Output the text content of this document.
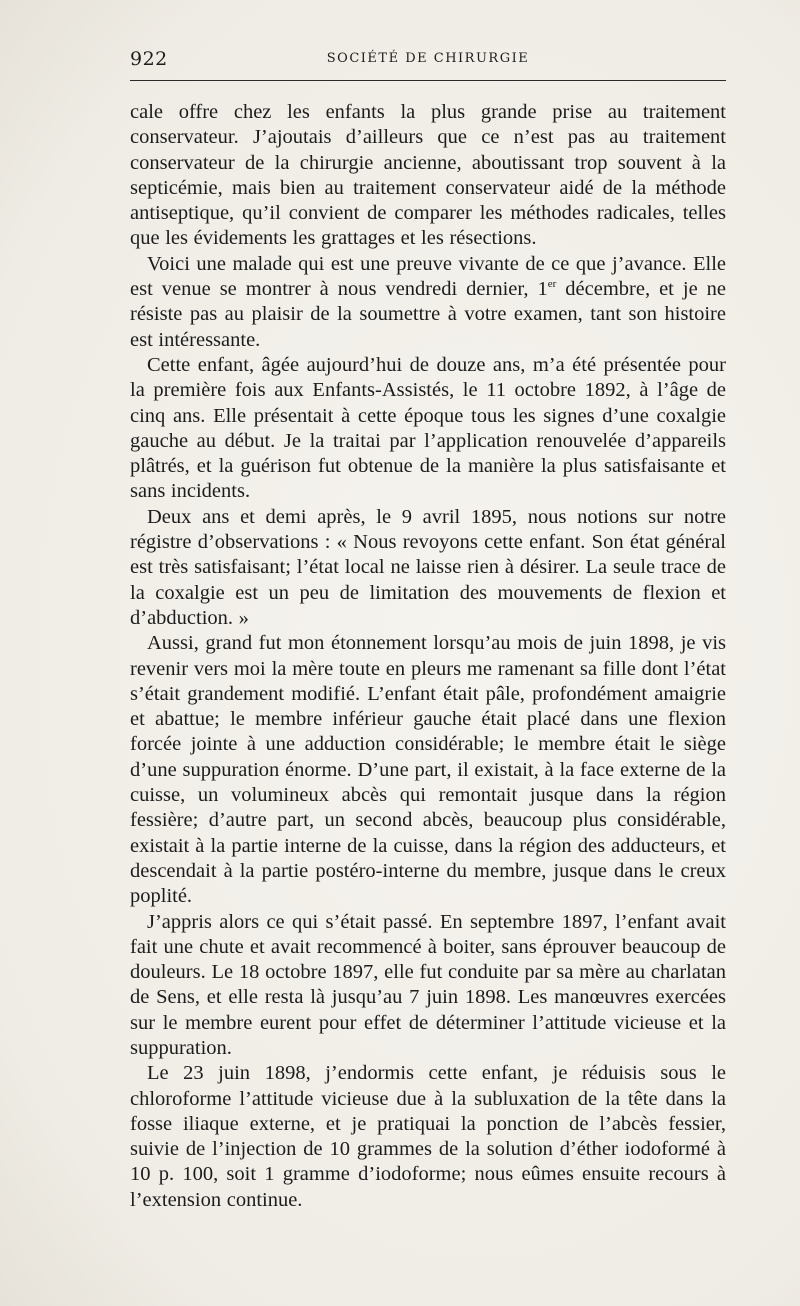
922	SOCIÉTÉ DE CHIRURGIE

cale offre chez les enfants la plus grande prise au traitement conservateur. J’ajoutais d’ailleurs que ce n’est pas au traitement conservateur de la chirurgie ancienne, aboutissant trop souvent à la septicémie, mais bien au traitement conservateur aidé de la méthode antiseptique, qu’il convient de comparer les méthodes radicales, telles que les évidements les grattages et les résections.

Voici une malade qui est une preuve vivante de ce que j’avance. Elle est venue se montrer à nous vendredi dernier, 1er décembre, et je ne résiste pas au plaisir de la soumettre à votre examen, tant son histoire est intéressante.

Cette enfant, âgée aujourd’hui de douze ans, m’a été présentée pour la première fois aux Enfants-Assistés, le 11 octobre 1892, à l’âge de cinq ans. Elle présentait à cette époque tous les signes d’une coxalgie gauche au début. Je la traitai par l’application renouvelée d’appareils plâtrés, et la guérison fut obtenue de la manière la plus satisfaisante et sans incidents.

Deux ans et demi après, le 9 avril 1895, nous notions sur notre régistre d’observations : « Nous revoyons cette enfant. Son état général est très satisfaisant; l’état local ne laisse rien à désirer. La seule trace de la coxalgie est un peu de limitation des mouvements de flexion et d’abduction. »

Aussi, grand fut mon étonnement lorsqu’au mois de juin 1898, je vis revenir vers moi la mère toute en pleurs me ramenant sa fille dont l’état s’était grandement modifié. L’enfant était pâle, profondément amaigrie et abattue; le membre inférieur gauche était placé dans une flexion forcée jointe à une adduction considérable; le membre était le siège d’une suppuration énorme. D’une part, il existait, à la face externe de la cuisse, un volumineux abcès qui remontait jusque dans la région fessière; d’autre part, un second abcès, beaucoup plus considérable, existait à la partie interne de la cuisse, dans la région des adducteurs, et descendait à la partie postéro-interne du membre, jusque dans le creux poplité.

J’appris alors ce qui s’était passé. En septembre 1897, l’enfant avait fait une chute et avait recommencé à boiter, sans éprouver beaucoup de douleurs. Le 18 octobre 1897, elle fut conduite par sa mère au charlatan de Sens, et elle resta là jusqu’au 7 juin 1898. Les manœuvres exercées sur le membre eurent pour effet de déterminer l’attitude vicieuse et la suppuration.

Le 23 juin 1898, j’endormis cette enfant, je réduisis sous le chloroforme l’attitude vicieuse due à la subluxation de la tête dans la fosse iliaque externe, et je pratiquai la ponction de l’abcès fessier, suivie de l’injection de 10 grammes de la solution d’éther iodoformé à 10 p. 100, soit 1 gramme d’iodoforme; nous eûmes ensuite recours à l’extension continue.
